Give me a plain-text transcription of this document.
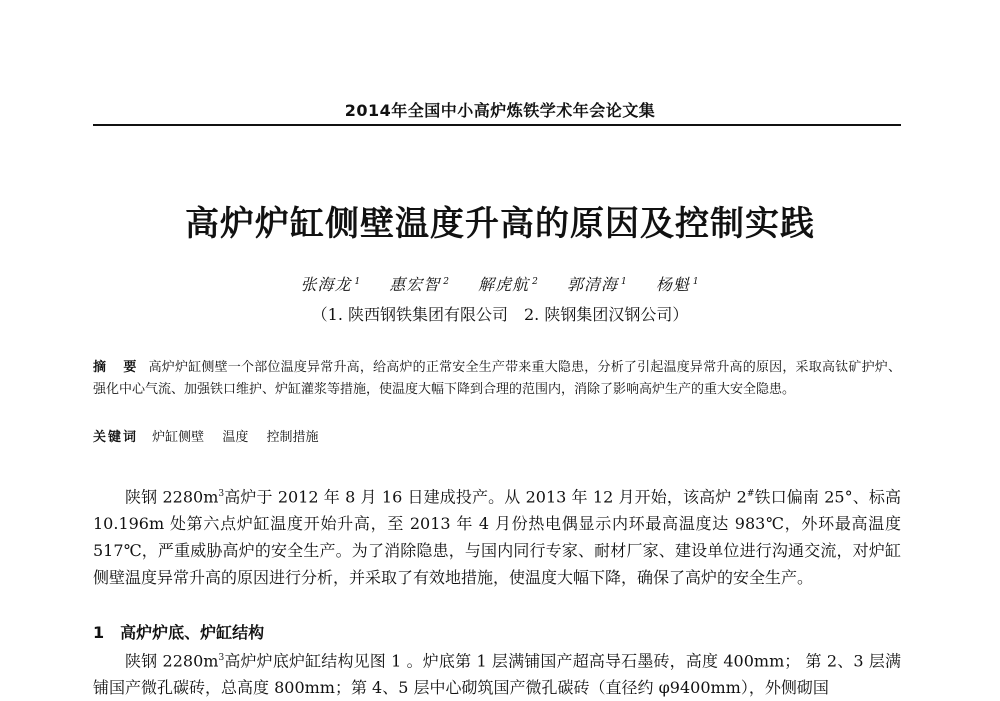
2014年全国中小高炉炼铁学术年会论文集
高炉炉缸侧壁温度升高的原因及控制实践
张海龙 $^1$ 惠宏智 $^2$ 解虎航 $^2$ 郭清海 $^1$ 杨魁 $^1$
（1. 陕西钢铁集团有限公司　2. 陕钢集团汉钢公司）
摘　要 高炉炉缸侧壁一个部位温度异常升高，给高炉的正常安全生产带来重大隐患，分析了引起温度异常升高的原因，采取高钛矿护炉、强化中心气流、加强铁口维护、炉缸灌浆等措施，使温度大幅下降到合理的范围内，消除了影响高炉生产的重大安全隐患。
关键词 炉缸侧壁 温度 控制措施

陕钢 $2280m^3$高炉于 2012 年 8 月 16 日建成投产。从 2013 年 12 月开始，该高炉 2#铁口偏南 25°、标高 10.196m 处第六点炉缸温度开始升高，至 2013 年 4 月份热电偶显示内环最高温度达 983℃，外环最高温度 517℃，严重威胁高炉的安全生产。为了消除隐患，与国内同行专家、耐材厂家、建设单位进行沟通交流，对炉缸侧壁温度异常升高的原因进行分析，并采取了有效地措施，使温度大幅下降，确保了高炉的安全生产。

1 高炉炉底、炉缸结构

陕钢 $2280m^3$高炉炉底炉缸结构见图 1 。炉底第 1 层满铺国产超高导石墨砖，高度 400mm； 第 2、3 层满铺国产微孔碳砖，总高度 800mm；第 4、5 层中心砌筑国产微孔碳砖（直径约 φ9400mm），外侧砌国
